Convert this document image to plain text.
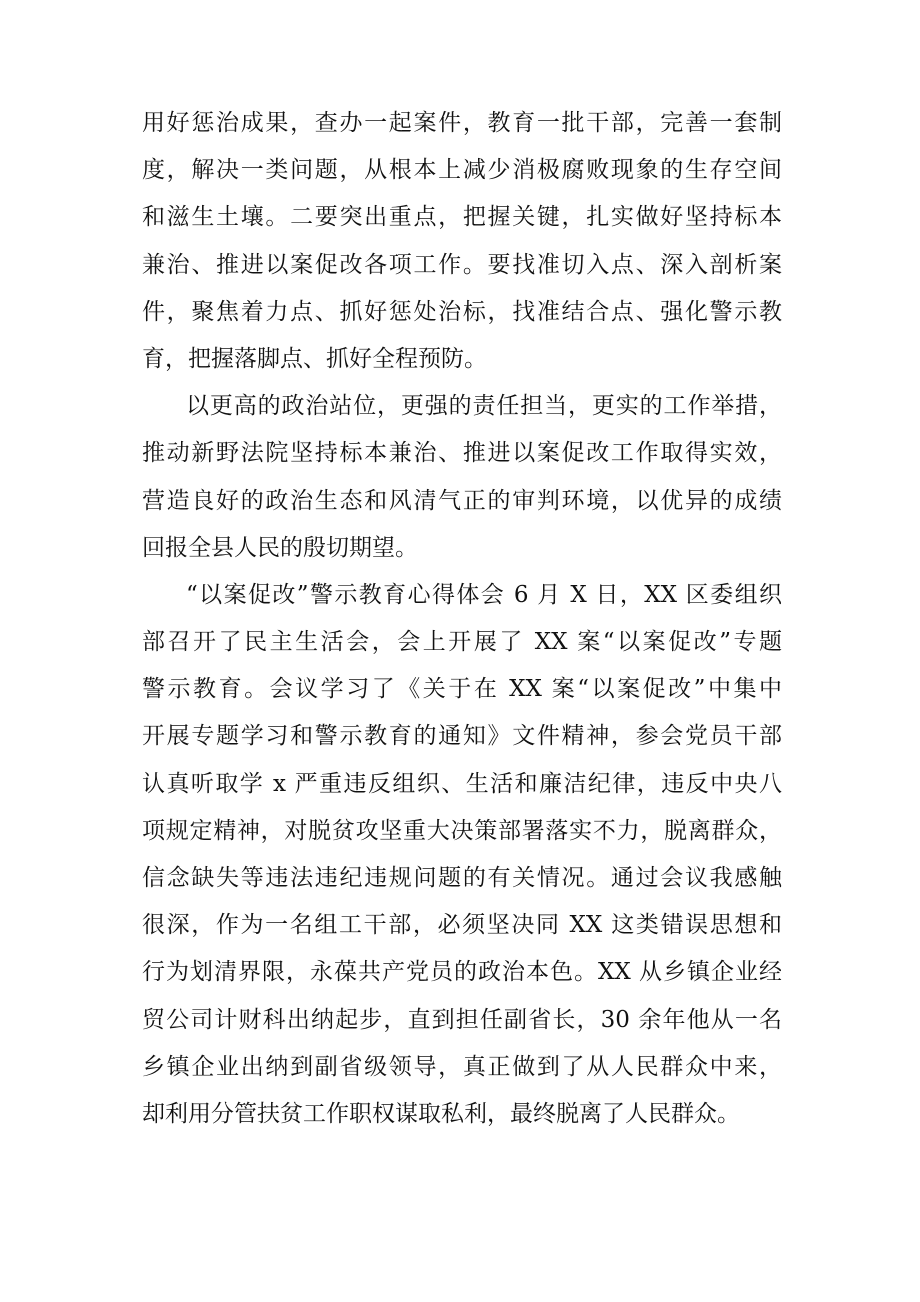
用好惩治成果，查办一起案件，教育一批干部，完善一套制
度，解决一类问题，从根本上减少消极腐败现象的生存空间
和滋生土壤。二要突出重点，把握关键，扎实做好坚持标本
兼治、推进以案促改各项工作。要找准切入点、深入剖析案
件，聚焦着力点、抓好惩处治标，找准结合点、强化警示教
育，把握落脚点、抓好全程预防。
以更高的政治站位，更强的责任担当，更实的工作举措，
推动新野法院坚持标本兼治、推进以案促改工作取得实效，
营造良好的政治生态和风清气正的审判环境，以优异的成绩
回报全县人民的殷切期望。
“以案促改”警示教育心得体会 6 月 X 日，XX 区委组织
部召开了民主生活会，会上开展了 XX 案“以案促改”专题
警示教育。会议学习了《关于在 XX 案“以案促改”中集中
开展专题学习和警示教育的通知》文件精神，参会党员干部
认真听取学 x 严重违反组织、生活和廉洁纪律，违反中央八
项规定精神，对脱贫攻坚重大决策部署落实不力，脱离群众，
信念缺失等违法违纪违规问题的有关情况。通过会议我感触
很深，作为一名组工干部，必须坚决同 XX 这类错误思想和
行为划清界限，永葆共产党员的政治本色。XX 从乡镇企业经
贸公司计财科出纳起步，直到担任副省长，30 余年他从一名
乡镇企业出纳到副省级领导，真正做到了从人民群众中来，
却利用分管扶贫工作职权谋取私利，最终脱离了人民群众。
